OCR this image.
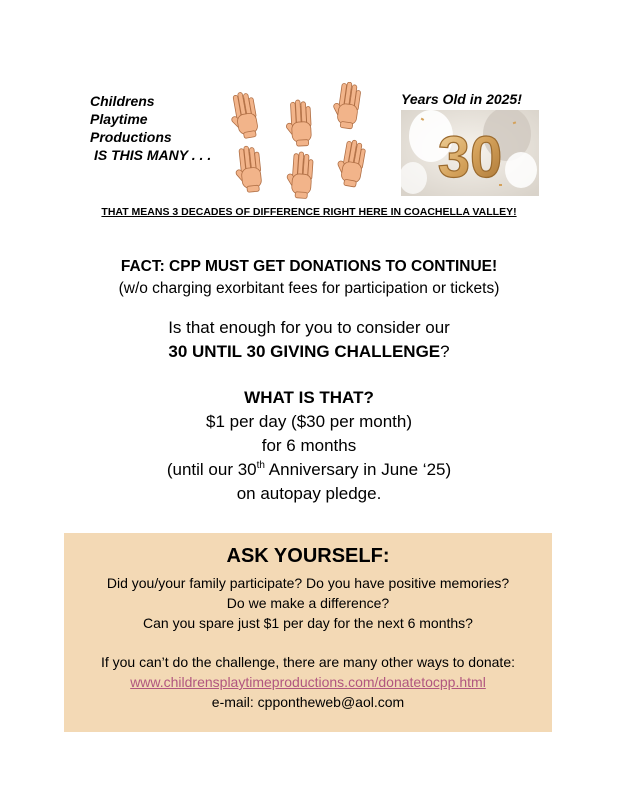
Childrens
Playtime
Productions
IS THIS MANY . . .
Years Old in 2025!
30
THAT MEANS 3 DECADES OF DIFFERENCE RIGHT HERE IN COACHELLA VALLEY!
FACT: CPP MUST GET DONATIONS TO CONTINUE!
(w/o charging exorbitant fees for participation or tickets)
Is that enough for you to consider our
30 UNTIL 30 GIVING CHALLENGE?
WHAT IS THAT?
$1 per day ($30 per month)
for 6 months
(until our 30th Anniversary in June ‘25)
on autopay pledge.
ASK YOURSELF:
Did you/your family participate? Do you have positive memories?
Do we make a difference?
Can you spare just $1 per day for the next 6 months?
If you can’t do the challenge, there are many other ways to donate:
www.childrensplaytimeproductions.com/donatetocpp.html
e-mail: cppontheweb@aol.com
